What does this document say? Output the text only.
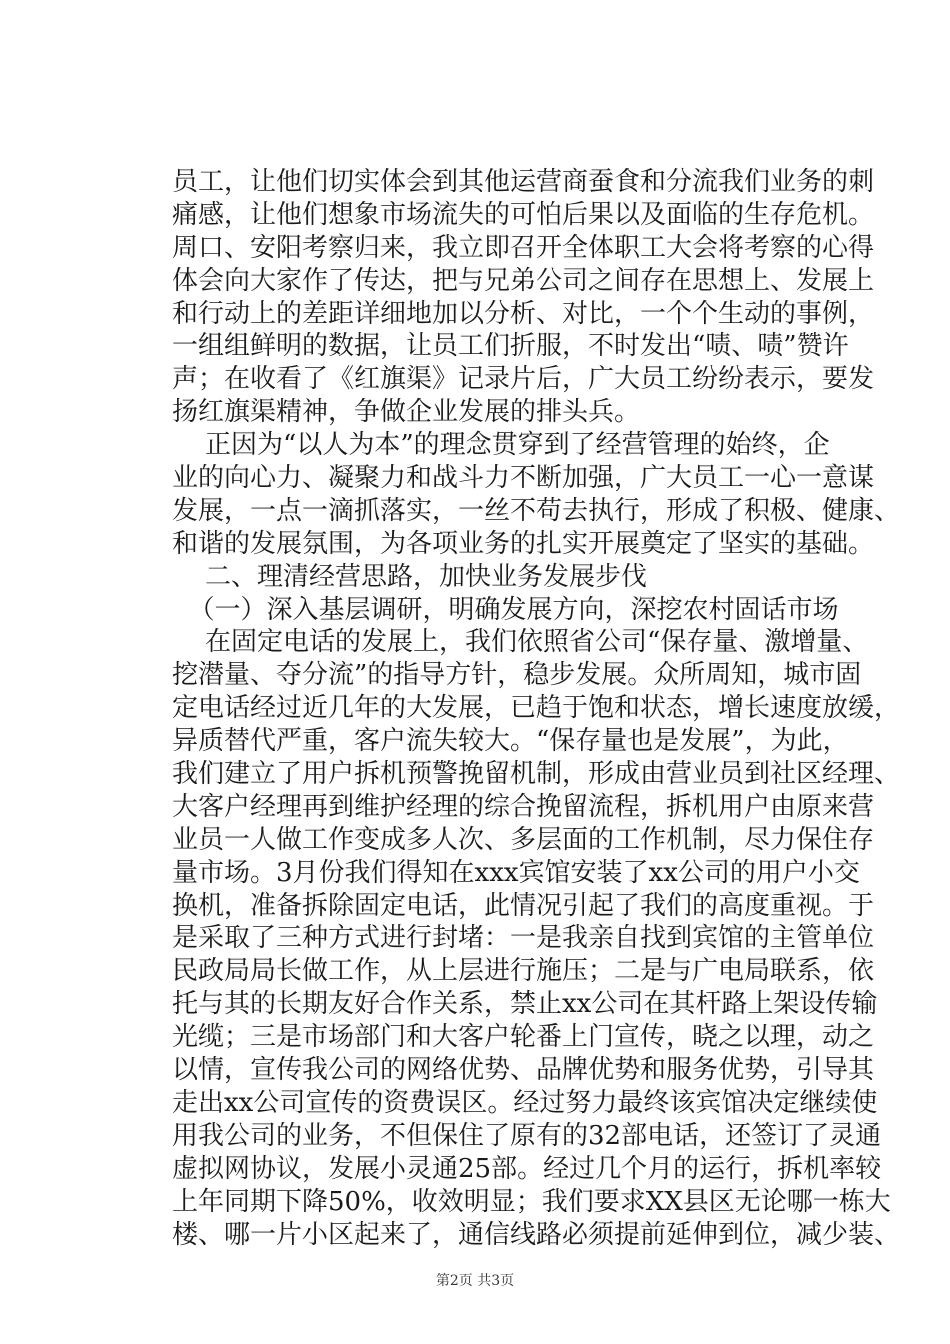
员工，让他们切实体会到其他运营商蚕食和分流我们业务的刺
痛感，让他们想象市场流失的可怕后果以及面临的生存危机。
周口、安阳考察归来，我立即召开全体职工大会将考察的心得
体会向大家作了传达，把与兄弟公司之间存在思想上、发展上
和行动上的差距详细地加以分析、对比，一个个生动的事例，
一组组鲜明的数据，让员工们折服，不时发出“啧、啧”赞许
声；在收看了《红旗渠》记录片后，广大员工纷纷表示，要发
扬红旗渠精神，争做企业发展的排头兵。
正因为“以人为本”的理念贯穿到了经营管理的始终，企
业的向心力、凝聚力和战斗力不断加强，广大员工一心一意谋
发展，一点一滴抓落实，一丝不苟去执行，形成了积极、健康、
和谐的发展氛围，为各项业务的扎实开展奠定了坚实的基础。
二、理清经营思路，加快业务发展步伐
（一）深入基层调研，明确发展方向，深挖农村固话市场
在固定电话的发展上，我们依照省公司“保存量、激增量、
挖潜量、夺分流”的指导方针，稳步发展。众所周知，城市固
定电话经过近几年的大发展，已趋于饱和状态，增长速度放缓，
异质替代严重，客户流失较大。“保存量也是发展”，为此，
我们建立了用户拆机预警挽留机制，形成由营业员到社区经理、
大客户经理再到维护经理的综合挽留流程，拆机用户由原来营
业员一人做工作变成多人次、多层面的工作机制，尽力保住存
量市场。3月份我们得知在xxx宾馆安装了xx公司的用户小交
换机，准备拆除固定电话，此情况引起了我们的高度重视。于
是采取了三种方式进行封堵：一是我亲自找到宾馆的主管单位
民政局局长做工作，从上层进行施压；二是与广电局联系，依
托与其的长期友好合作关系，禁止xx公司在其杆路上架设传输
光缆；三是市场部门和大客户轮番上门宣传，晓之以理，动之
以情，宣传我公司的网络优势、品牌优势和服务优势，引导其
走出xx公司宣传的资费误区。经过努力最终该宾馆决定继续使
用我公司的业务，不但保住了原有的32部电话，还签订了灵通
虚拟网协议，发展小灵通25部。经过几个月的运行，拆机率较
上年同期下降50%，收效明显；我们要求XX县区无论哪一栋大
楼、哪一片小区起来了，通信线路必须提前延伸到位，减少装、
第2页 共3页
